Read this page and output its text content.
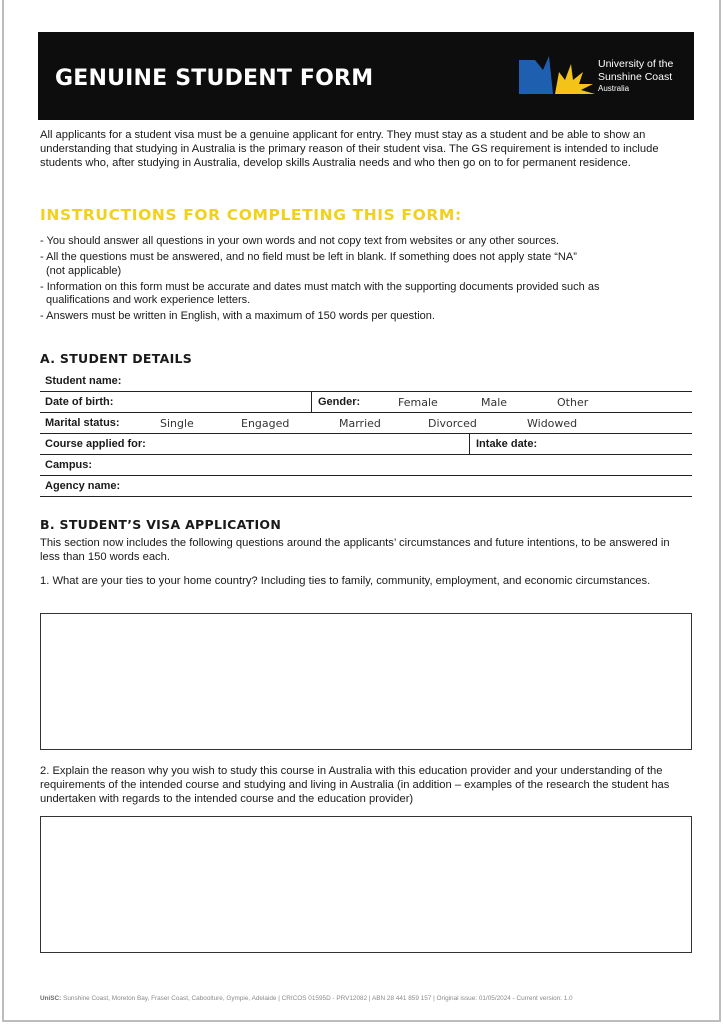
GENUINE STUDENT FORM
University of the
Sunshine Coast
Australia
All applicants for a student visa must be a genuine applicant for entry. They must stay as a student and be able to show an understanding that studying in Australia is the primary reason of their student visa. The GS requirement is intended to include students who, after studying in Australia, develop skills Australia needs and who then go on to for permanent residence.
INSTRUCTIONS FOR COMPLETING THIS FORM:
- You should answer all questions in your own words and not copy text from websites or any other sources.
- All the questions must be answered, and no field must be left in blank. If something does not apply state “NA”
(not applicable)
- Information on this form must be accurate and dates must match with the supporting documents provided such as
qualifications and work experience letters.
- Answers must be written in English, with a maximum of 150 words per question.
A. STUDENT DETAILS
Student name:
Date of birth:	Gender:	Female	Male	Other
Marital status:	Single	Engaged	Married	Divorced	Widowed
Course applied for:	Intake date:
Campus:
Agency name:
B. STUDENT’S VISA APPLICATION
This section now includes the following questions around the applicants’ circumstances and future intentions, to be answered in less than 150 words each.
1. What are your ties to your home country? Including ties to family, community, employment, and economic circumstances.
2. Explain the reason why you wish to study this course in Australia with this education provider and your understanding of the requirements of the intended course and studying and living in Australia (in addition – examples of the research the student has undertaken with regards to the intended course and the education provider)
UniSC: Sunshine Coast, Moreton Bay, Fraser Coast, Caboolture, Gympie, Adelaide | CRICOS 01595D - PRV12082 | ABN 28 441 859 157 | Original issue: 01/05/2024 - Current version: 1.0
